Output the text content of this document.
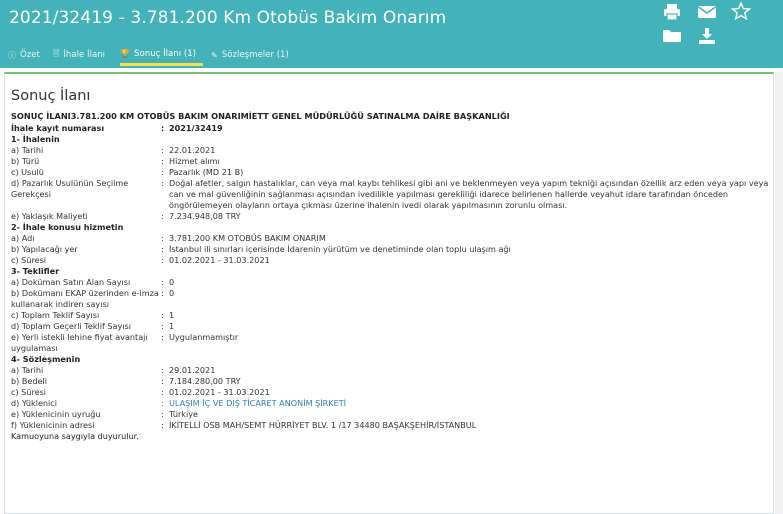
2021/32419 - 3.781.200 Km Otobüs Bakım Onarım
ⓘ Özet 🗎 İhale İlanı 🏆 Sonuç İlanı (1) ✎ Sözleşmeler (1)
Sonuç İlanı
SONUÇ İLANI3.781.200 KM OTOBÜS BAKIM ONARIMİETT GENEL MÜDÜRLÜĞÜ SATINALMA DAİRE BAŞKANLIĞI
İhale kayıt numarası	: 2021/32419
1- İhalenin
a) Tarihi	: 22.01.2021
b) Türü	: Hizmet alımı
c) Usulü	: Pazarlık (MD 21 B)
d) Pazarlık Usulünün Seçilme Gerekçesi
: Doğal afetler, salgın hastalıklar, can veya mal kaybı tehlikesi gibi ani ve beklenmeyen veya yapım tekniği açısından özellik arz eden veya yapı veya can ve mal güvenliğinin sağlanması açısından ivedilikle yapılması gerekliliği idarece belirlenen hallerde veyahut idare tarafından önceden öngörülemeyen olayların ortaya çıkması üzerine ihalenin ivedi olarak yapılmasının zorunlu olması.
e) Yaklaşık Maliyeti	: 7.234.948,08 TRY
2- İhale konusu hizmetin
a) Adı	: 3.781.200 KM OTOBÜS BAKIM ONARIM
b) Yapılacağı yer	: İstanbul ili sınırları içerisinde İdarenin yürütüm ve denetiminde olan toplu ulaşım ağı
c) Süresi	: 01.02.2021 - 31.03.2021
3- Teklifler
a) Doküman Satın Alan Sayısı	: 0
b) Dokümanı EKAP üzerinden e-imza kullanarak indiren sayısı
: 0
c) Toplam Teklif Sayısı	: 1
d) Toplam Geçerli Teklif Sayısı	: 1
e) Yerli istekli lehine fiyat avantajı uygulaması
: Uygulanmamıştır
4- Sözleşmenin
a) Tarihi	: 29.01.2021
b) Bedeli	: 7.184.280,00 TRY
c) Süresi	: 01.02.2021 - 31.03.2021
d) Yüklenici	: ULAŞIM İÇ VE DIŞ TİCARET ANONİM ŞİRKETİ
e) Yüklenicinin uyruğu	: Türkiye
f) Yüklenicinin adresi	: İKİTELLİ OSB MAH/SEMT HÜRRİYET BLV. 1 /17 34480 BAŞAKŞEHİR/İSTANBUL
Kamuoyuna saygıyla duyurulur.
